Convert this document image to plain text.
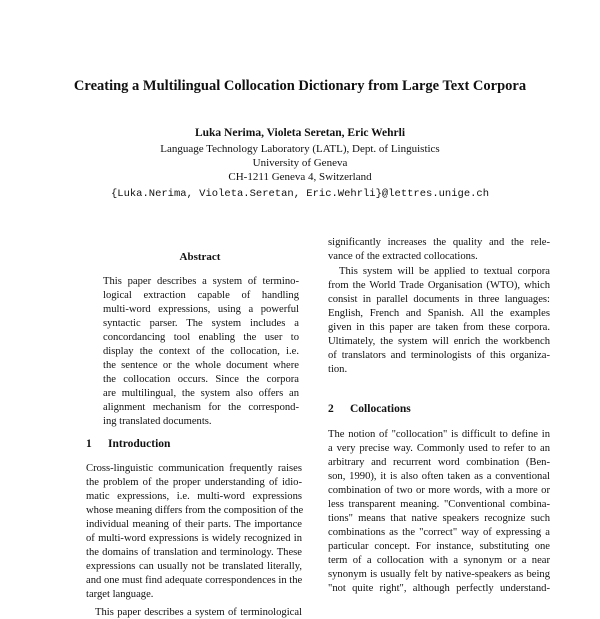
Creating a Multilingual Collocation Dictionary from Large Text Corpora
Luka Nerima, Violeta Seretan, Eric Wehrli
Language Technology Laboratory (LATL), Dept. of Linguistics
University of Geneva
CH-1211 Geneva 4, Switzerland
{Luka.Nerima, Violeta.Seretan, Eric.Wehrli}@lettres.unige.ch
Abstract
This paper describes a system of termino-
logical extraction capable of handling
multi-word expressions, using a powerful
syntactic parser. The system includes a
concordancing tool enabling the user to
display the context of the collocation, i.e.
the sentence or the whole document where
the collocation occurs. Since the corpora
are multilingual, the system also offers an
alignment mechanism for the correspond-
ing translated documents.
1 Introduction
Cross-linguistic communication frequently raises
the problem of the proper understanding of idio-
matic expressions, i.e. multi-word expressions
whose meaning differs from the composition of the
individual meaning of their parts. The importance
of multi-word expressions is widely recognized in
the domains of translation and terminology. These
expressions can usually not be translated literally,
and one must find adequate correspondences in the
target language.
This paper describes a system of terminological
significantly increases the quality and the rele-
vance of the extracted collocations.
This system will be applied to textual corpora
from the World Trade Organisation (WTO), which
consist in parallel documents in three languages:
English, French and Spanish. All the examples
given in this paper are taken from these corpora.
Ultimately, the system will enrich the workbench
of translators and terminologists of this organiza-
tion.
2 Collocations
The notion of "collocation" is difficult to define in
a very precise way. Commonly used to refer to an
arbitrary and recurrent word combination (Ben-
son, 1990), it is also often taken as a conventional
combination of two or more words, with a more or
less transparent meaning. "Conventional combina-
tions" means that native speakers recognize such
combinations as the "correct" way of expressing a
particular concept. For instance, substituting one
term of a collocation with a synonym or a near
synonym is usually felt by native-speakers as being
"not quite right", although perfectly understand-
